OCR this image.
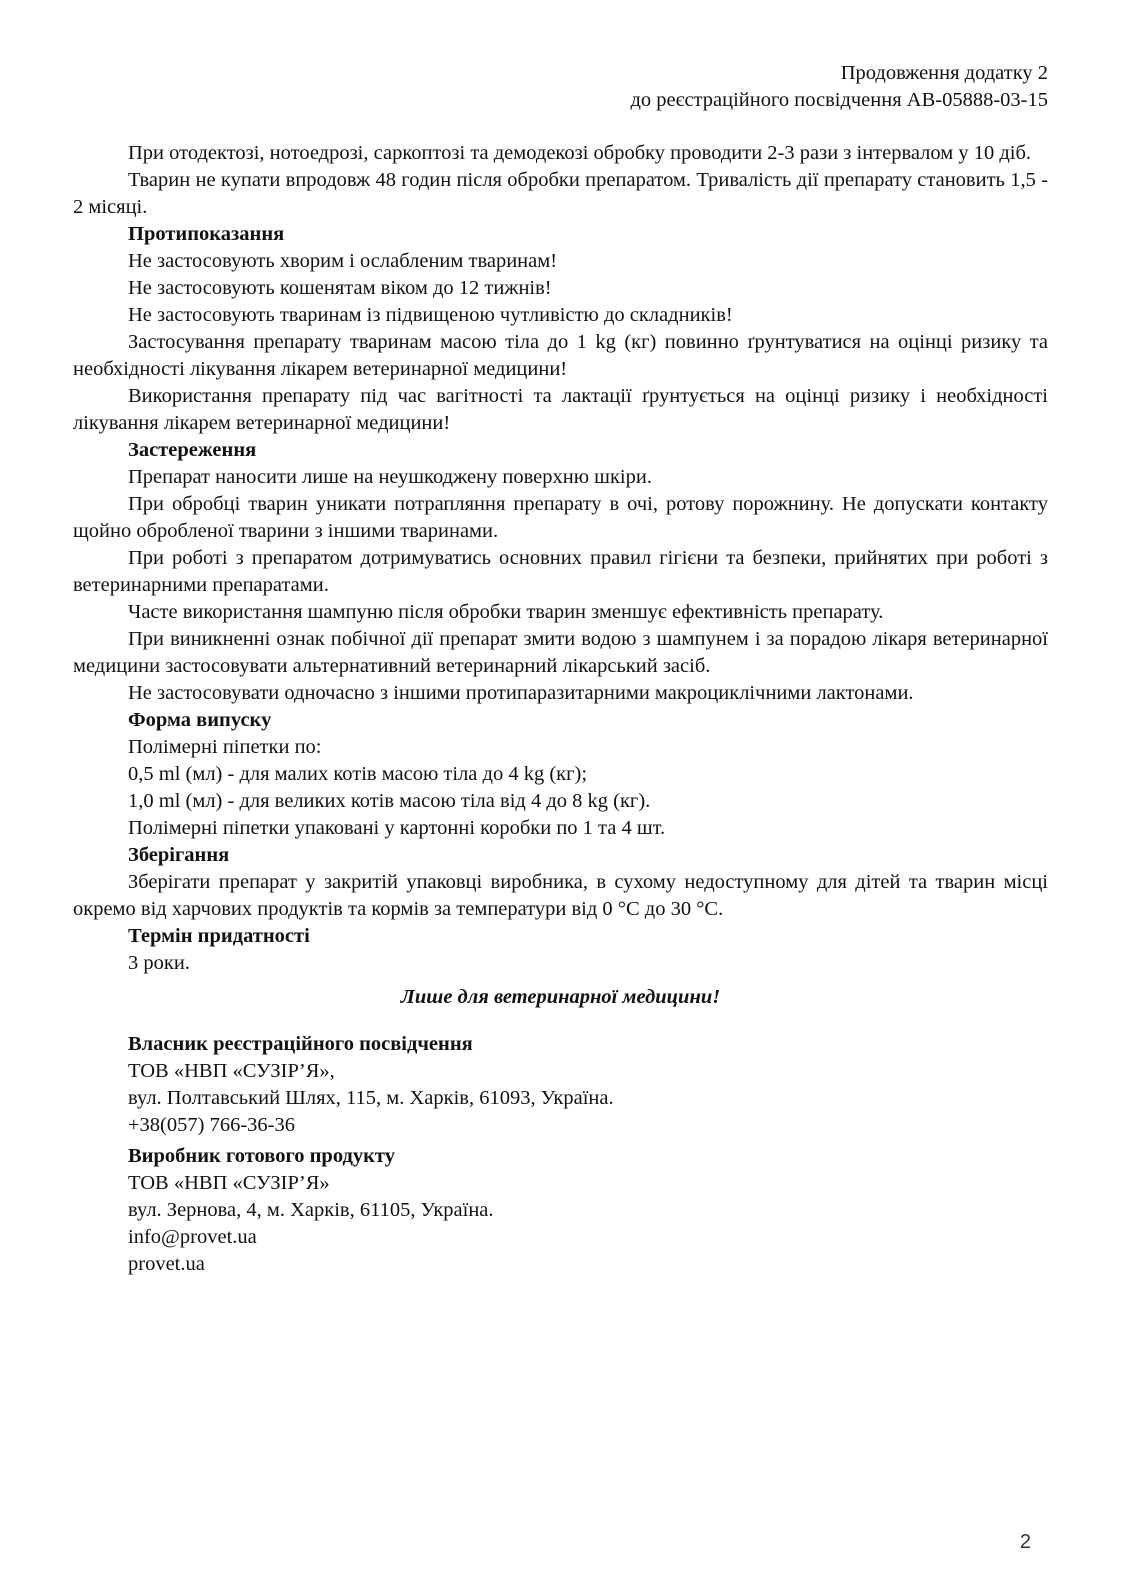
Продовження додатку 2
до реєстраційного посвідчення АВ-05888-03-15

При отодектозі, нотоедрозі, саркоптозі та демодекозі обробку проводити 2-3 рази з інтервалом у 10 діб.

Тварин не купати впродовж 48 годин після обробки препаратом. Тривалість дії препарату становить 1,5 - 2 місяці.

Протипоказання

Не застосовують хворим і ослабленим тваринам!

Не застосовують кошенятам віком до 12 тижнів!

Не застосовують тваринам із підвищеною чутливістю до складників!

Застосування препарату тваринам масою тіла до 1 kg (кг) повинно ґрунтуватися на оцінці ризику та необхідності лікування лікарем ветеринарної медицини!

Використання препарату під час вагітності та лактації ґрунтується на оцінці ризику і необхідності лікування лікарем ветеринарної медицини!

Застереження

Препарат наносити лише на неушкоджену поверхню шкіри.

При обробці тварин уникати потрапляння препарату в очі, ротову порожнину. Не допускати контакту щойно обробленої тварини з іншими тваринами.

При роботі з препаратом дотримуватись основних правил гігієни та безпеки, прийнятих при роботі з ветеринарними препаратами.

Часте використання шампуню після обробки тварин зменшує ефективність препарату.

При виникненні ознак побічної дії препарат змити водою з шампунем і за порадою лікаря ветеринарної медицини застосовувати альтернативний ветеринарний лікарський засіб.

Не застосовувати одночасно з іншими протипаразитарними макроциклічними лактонами.

Форма випуску
Полімерні піпетки по:
0,5 ml (мл) - для малих котів масою тіла до 4 kg (кг);
1,0 ml (мл) - для великих котів масою тіла від 4 до 8 kg (кг).
Полімерні піпетки упаковані у картонні коробки по 1 та 4 шт.
Зберігання

Зберігати препарат у закритій упаковці виробника, в сухому недоступному для дітей та тварин місці окремо від харчових продуктів та кормів за температури від 0 °С до 30 °С.

Термін придатності
3 роки.

Лише для ветеринарної медицини!

Власник реєстраційного посвідчення
ТОВ «НВП «СУЗІР’Я»,
вул. Полтавський Шлях, 115, м. Харків, 61093, Україна.
+38(057) 766-36-36
Виробник готового продукту
ТОВ «НВП «СУЗІР’Я»
вул. Зернова, 4, м. Харків, 61105, Україна.
info@provet.ua
provet.ua
2
